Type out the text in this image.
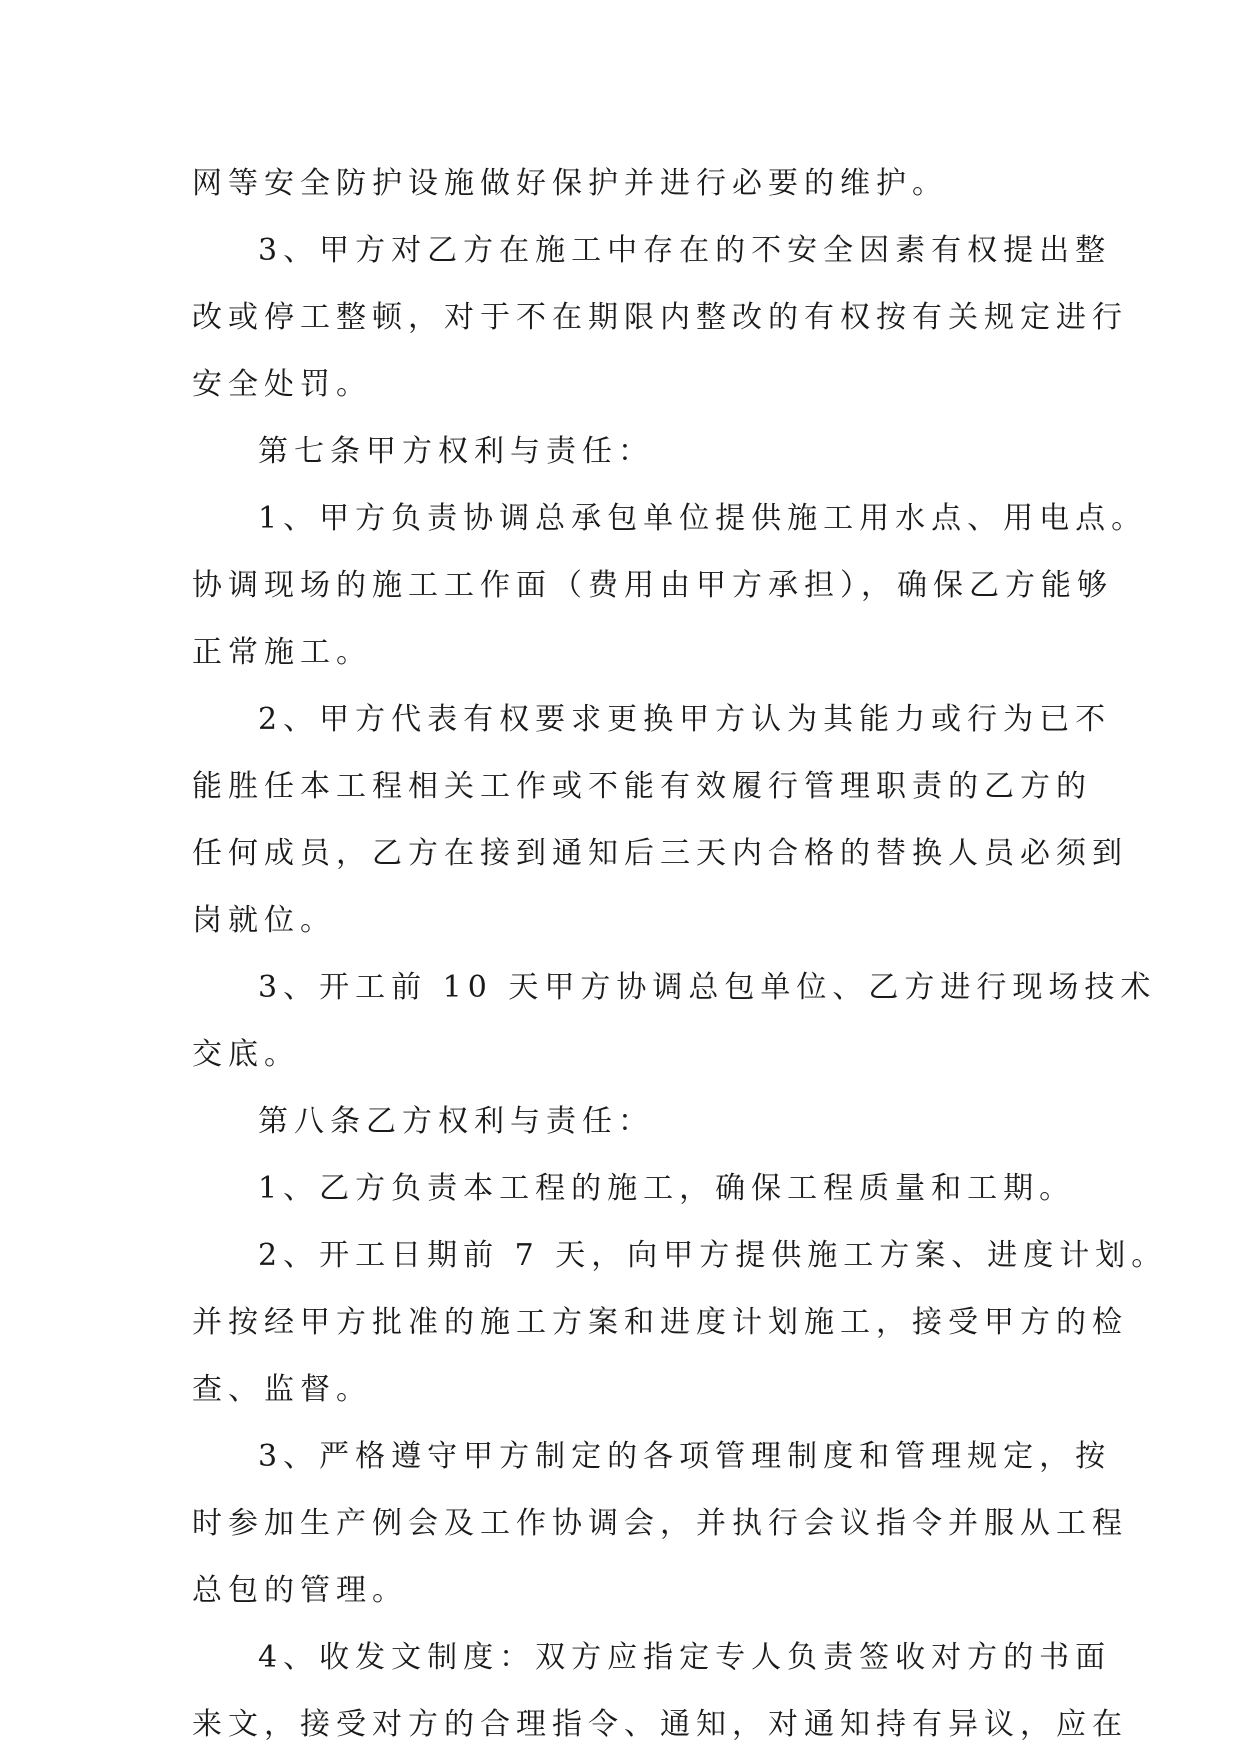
网等安全防护设施做好保护并进行必要的维护。
3、甲方对乙方在施工中存在的不安全因素有权提出整
改或停工整顿，对于不在期限内整改的有权按有关规定进行
安全处罚。
第七条甲方权利与责任：
1、甲方负责协调总承包单位提供施工用水点、用电点。
协调现场的施工工作面（费用由甲方承担），确保乙方能够
正常施工。
2、甲方代表有权要求更换甲方认为其能力或行为已不
能胜任本工程相关工作或不能有效履行管理职责的乙方的
任何成员，乙方在接到通知后三天内合格的替换人员必须到
岗就位。
3、开工前 10 天甲方协调总包单位、乙方进行现场技术
交底。
第八条乙方权利与责任：
1、乙方负责本工程的施工，确保工程质量和工期。
2、开工日期前 7 天，向甲方提供施工方案、进度计划。
并按经甲方批准的施工方案和进度计划施工，接受甲方的检
查、监督。
3、严格遵守甲方制定的各项管理制度和管理规定，按
时参加生产例会及工作协调会，并执行会议指令并服从工程
总包的管理。
4、收发文制度：双方应指定专人负责签收对方的书面
来文，接受对方的合理指令、通知，对通知持有异议，应在
